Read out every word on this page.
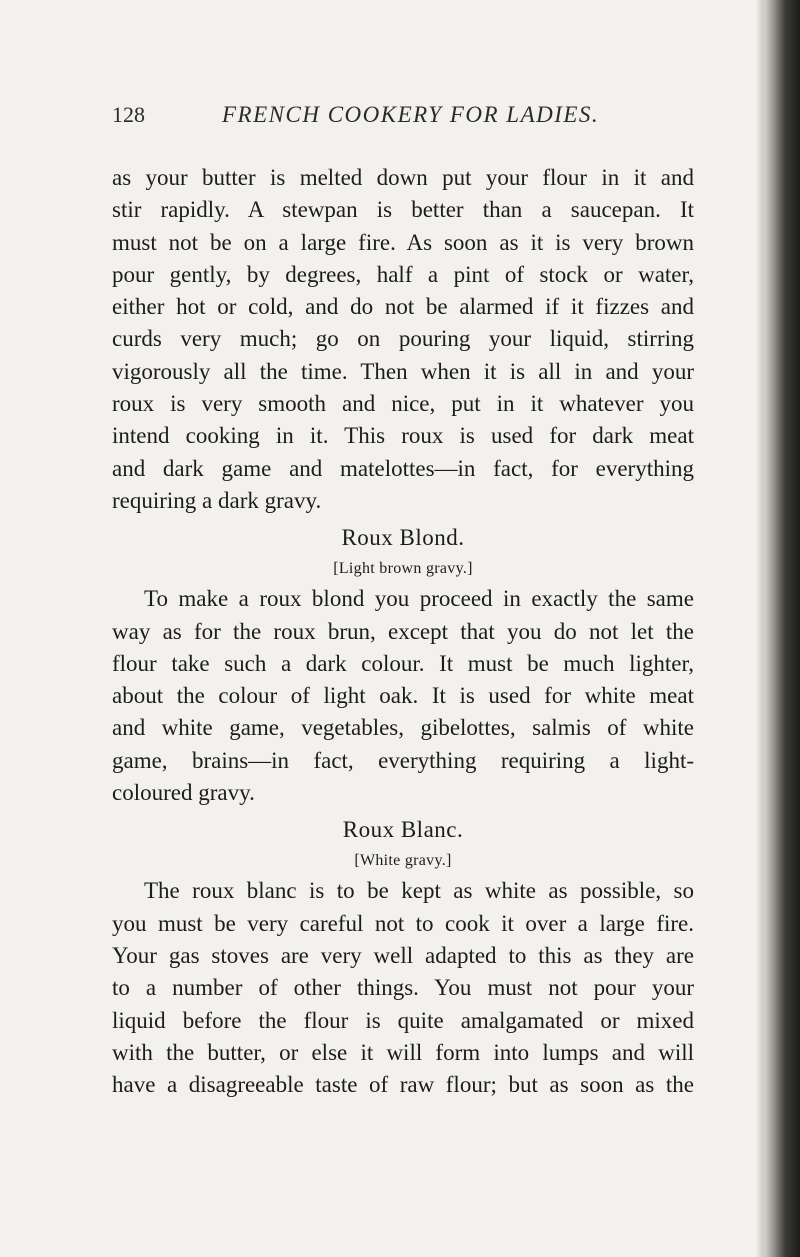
128	FRENCH COOKERY FOR LADIES.
as your butter is melted down put your flour in it and
stir rapidly. A stewpan is better than a saucepan. It
must not be on a large fire. As soon as it is very brown
pour gently, by degrees, half a pint of stock or water,
either hot or cold, and do not be alarmed if it fizzes and
curds very much; go on pouring your liquid, stirring
vigorously all the time. Then when it is all in and your
roux is very smooth and nice, put in it whatever you
intend cooking in it. This roux is used for dark meat
and dark game and matelottes—in fact, for everything
requiring a dark gravy.
Roux Blond.
[Light brown gravy.]
To make a roux blond you proceed in exactly the same
way as for the roux brun, except that you do not let the
flour take such a dark colour. It must be much lighter,
about the colour of light oak. It is used for white meat
and white game, vegetables, gibelottes, salmis of white
game, brains—in fact, everything requiring a light-
coloured gravy.
Roux Blanc.
[White gravy.]
The roux blanc is to be kept as white as possible, so
you must be very careful not to cook it over a large fire.
Your gas stoves are very well adapted to this as they are
to a number of other things. You must not pour your
liquid before the flour is quite amalgamated or mixed
with the butter, or else it will form into lumps and will
have a disagreeable taste of raw flour; but as soon as the
